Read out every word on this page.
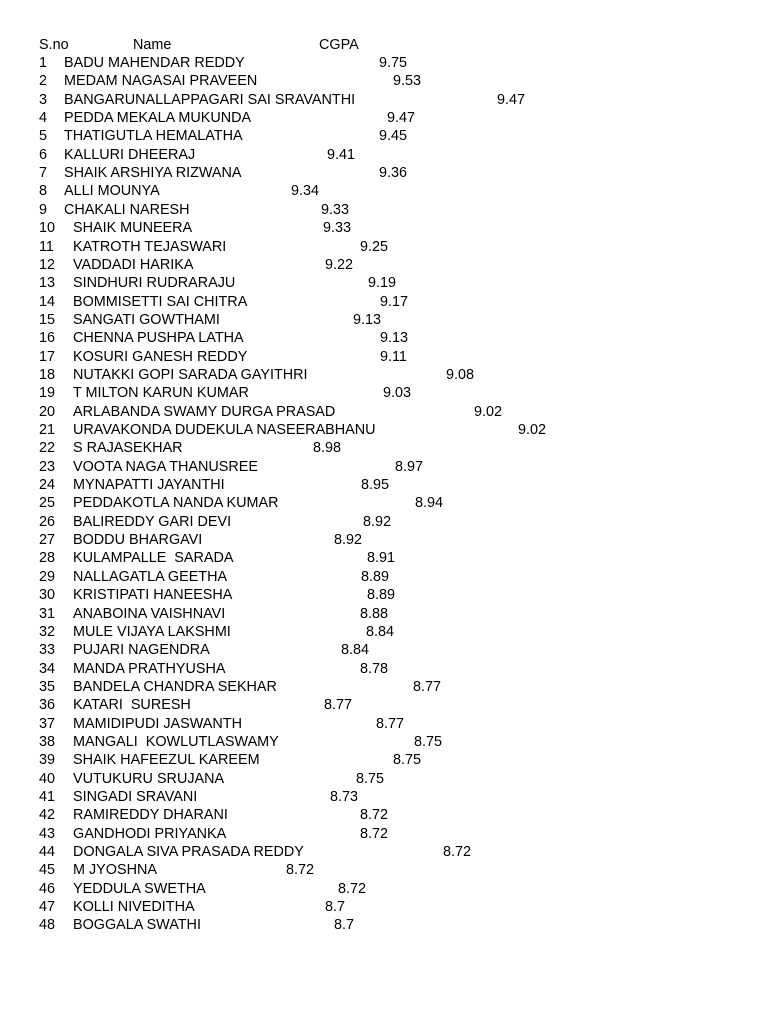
S.no	Name	CGPA
1 BADU MAHENDAR REDDY	9.75
2 MEDAM NAGASAI PRAVEEN	9.53
3 BANGARUNALLAPPAGARI SAI SRAVANTHI	9.47
4 PEDDA MEKALA MUKUNDA	9.47
5 THATIGUTLA HEMALATHA	9.45
6 KALLURI DHEERAJ	9.41
7 SHAIK ARSHIYA RIZWANA	9.36
8 ALLI MOUNYA	9.34
9 CHAKALI NARESH	9.33
10 SHAIK MUNEERA	9.33
11 KATROTH TEJASWARI	9.25
12 VADDADI HARIKA	9.22
13 SINDHURI RUDRARAJU	9.19
14 BOMMISETTI SAI CHITRA	9.17
15 SANGATI GOWTHAMI	9.13
16 CHENNA PUSHPA LATHA	9.13
17 KOSURI GANESH REDDY	9.11
18 NUTAKKI GOPI SARADA GAYITHRI	9.08
19 T MILTON KARUN KUMAR	9.03
20 ARLABANDA SWAMY DURGA PRASAD	9.02
21 URAVAKONDA DUDEKULA NASEERABHANU	9.02
22 S RAJASEKHAR	8.98
23 VOOTA NAGA THANUSREE	8.97
24 MYNAPATTI JAYANTHI	8.95
25 PEDDAKOTLA NANDA KUMAR	8.94
26 BALIREDDY GARI DEVI	8.92
27 BODDU BHARGAVI	8.92
28 KULAMPALLE  SARADA	8.91
29 NALLAGATLA GEETHA	8.89
30 KRISTIPATI HANEESHA	8.89
31 ANABOINA VAISHNAVI	8.88
32 MULE VIJAYA LAKSHMI	8.84
33 PUJARI NAGENDRA	8.84
34 MANDA PRATHYUSHA	8.78
35 BANDELA CHANDRA SEKHAR	8.77
36 KATARI  SURESH	8.77
37 MAMIDIPUDI JASWANTH	8.77
38 MANGALI  KOWLUTLASWAMY	8.75
39 SHAIK HAFEEZUL KAREEM	8.75
40 VUTUKURU SRUJANA	8.75
41 SINGADI SRAVANI	8.73
42 RAMIREDDY DHARANI	8.72
43 GANDHODI PRIYANKA	8.72
44 DONGALA SIVA PRASADA REDDY	8.72
45 M JYOSHNA	8.72
46 YEDDULA SWETHA	8.72
47 KOLLI NIVEDITHA	8.7
48 BOGGALA SWATHI	8.7
